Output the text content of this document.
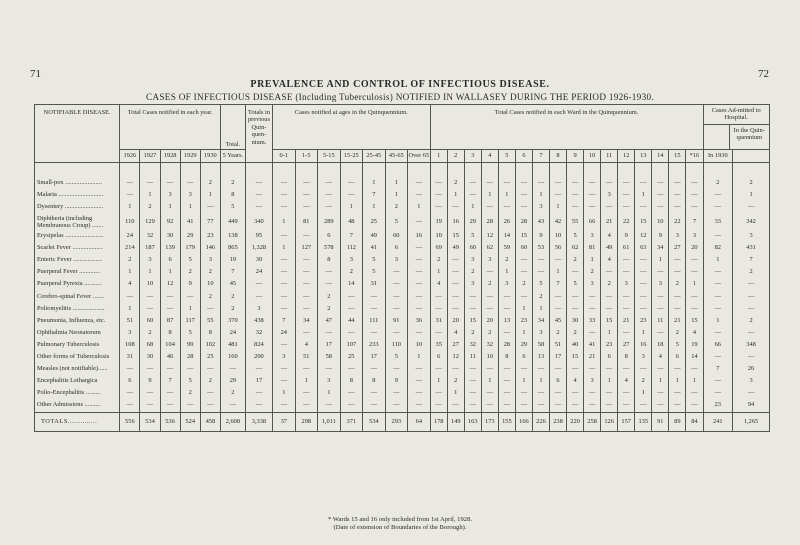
71	72
PREVALENCE AND CONTROL OF INFECTIOUS DISEASE.
CASES OF INFECTIOUS DISEASE (Including Tuberculosis) NOTIFIED IN WALLASEY DURING THE PERIOD 1926-1930.
NOTIFIABLE DISEASE.	Total Cases notified in each year.					Total.	Totals in previous Quin-quen-nium.	Cases notified at ages in the Quinquennium.							Total Cases notified in each Ward in the Quinquennium.																Cases Ad-mitted to Hospital.
In the Quin-quennium	

	1926	1927	1928	1929	1930	5 Years.		0-1	1-5	5-15	15-25	25-45	45-65	Over 65	1	2	3	4	5	6	7	8	9	10	11	12	13	14	15	*16	In 1930	

Small-pox .......................	—	—	—	—	2	2	—	—	—	—	—	1	1	—	—	2	—	—	—	—	—	—	—	—	—	—	—	—	—	—	2	2
Malaria ............................	—	1	3	3	1	8	—	—	—	—	—	7	1	—	—	1	—	1	1	—	1	—	—	—	3	—	1	—	—	—	—	1
Dysentery ........................	1	2	1	1	—	5	—	—	—	—	1	1	2	1	—	—	1	—	—	—	3	1	—	—	—	—	—	—	—	—	—	—
Diphtheria (including Membranous Croup) .......	110	129	92	41	77	449	340	1	81	289	48	25	5	—	19	16	29	28	26	28	43	42	55	66	21	22	15	10	22	7	33	342
Erysipelas ........................	24	32	30	29	23	138	95	—	—	6	7	49	60	16	10	15	5	12	14	15	9	10	5	3	4	9	12	9	3	3	—	3
Scarlet Fever ...................	214	187	139	179	146	865	1,328	1	127	578	112	41	6	—	69	49	60	62	59	60	53	56	62	81	49	61	63	34	27	20	82	431
Enteric Fever ..................	2	3	6	5	3	19	30	—	—	8	3	5	3	—	2	—	3	3	2	—	—	—	2	1	4	—	—	1	—	—	1	7
Puerperal Fever .............	1	1	1	2	2	7	24	—	—	—	2	5	—	—	1	—	2	—	1	—	—	1	—	2	—	—	—	—	—	—	—	2
Puerperal Pyrexia ...........	4	10	12	9	10	45	—	—	—	—	14	31	—	—	4	—	3	2	3	2	5	7	5	3	2	3	—	3	2	1	—	—
Cerebro-spinal Fever .......	—	—	—	—	2	2	—	—	—	2	—	—	—	—	—	—	—	—	—	—	2	—	—	—	—	—	—	—	—	—	—	—
Poliomyelitis ....................	1	—	—	1	—	2	3	—	—	2	—	—	—	—	—	—	—	—	—	1	1	—	—	—	—	—	—	—	—	—	—	—
Pneumonia, Influenza, etc.	51	60	87	117	55	370	438	7	34	47	44	111	91	36	31	20	15	20	13	23	34	45	30	33	15	21	23	11	21	15	1	2
Ophthalmia Neonatorum	3	2	8	5	8	24	32	24	—	—	—	—	—	—	—	4	2	2	—	1	3	2	2	—	1	—	1	—	2	4	—	—
Pulmonary Tuberculosis	108	68	104	99	102	481	824	—	4	17	107	233	110	10	35	27	32	32	28	29	58	51	40	41	23	27	16	18	5	19	66	348
Other forms of Tuberculosis	31	30	46	28	25	160	200	3	51	58	25	17	5	1	6	12	11	10	8	6	13	17	15	21	6	8	3	4	6	14	—	—
Measles (not notifiable)......	—	—	—	—	—	—	—	—	—	—	—	—	—	—	—	—	—	—	—	—	—	—	—	—	—	—	—	—	—	—	7	26
Encephalitis Lethargica	6	9	7	5	2	29	17	—	1	3	8	8	9	—	1	2	—	1	—	1	1	6	4	3	1	4	2	1	1	1	—	3
Polio-Encephalitis .........	—	—	—	2	—	2	—	1	—	1	—	—	—	—	—	1	—	—	—	—	—	—	—	—	—	—	1	—	—	—	—	—
Other Admissions ..........	—	—	—	—	—	—	—	—	—	—	—	—	—	—	—	—	—	—	—	—	—	—	—	—	—	—	—	—	—	—	23	94
TOTALS..............	556	534	536	524	458	2,608	3,338	37	298	1,011	371	534	293	64	178	149	163	173	155	166	226	238	220	258	126	157	135	91	89	84	241	1,265
* Wards 15 and 16 only included from 1st April, 1928.
(Date of extension of Boundaries of the Borough).
